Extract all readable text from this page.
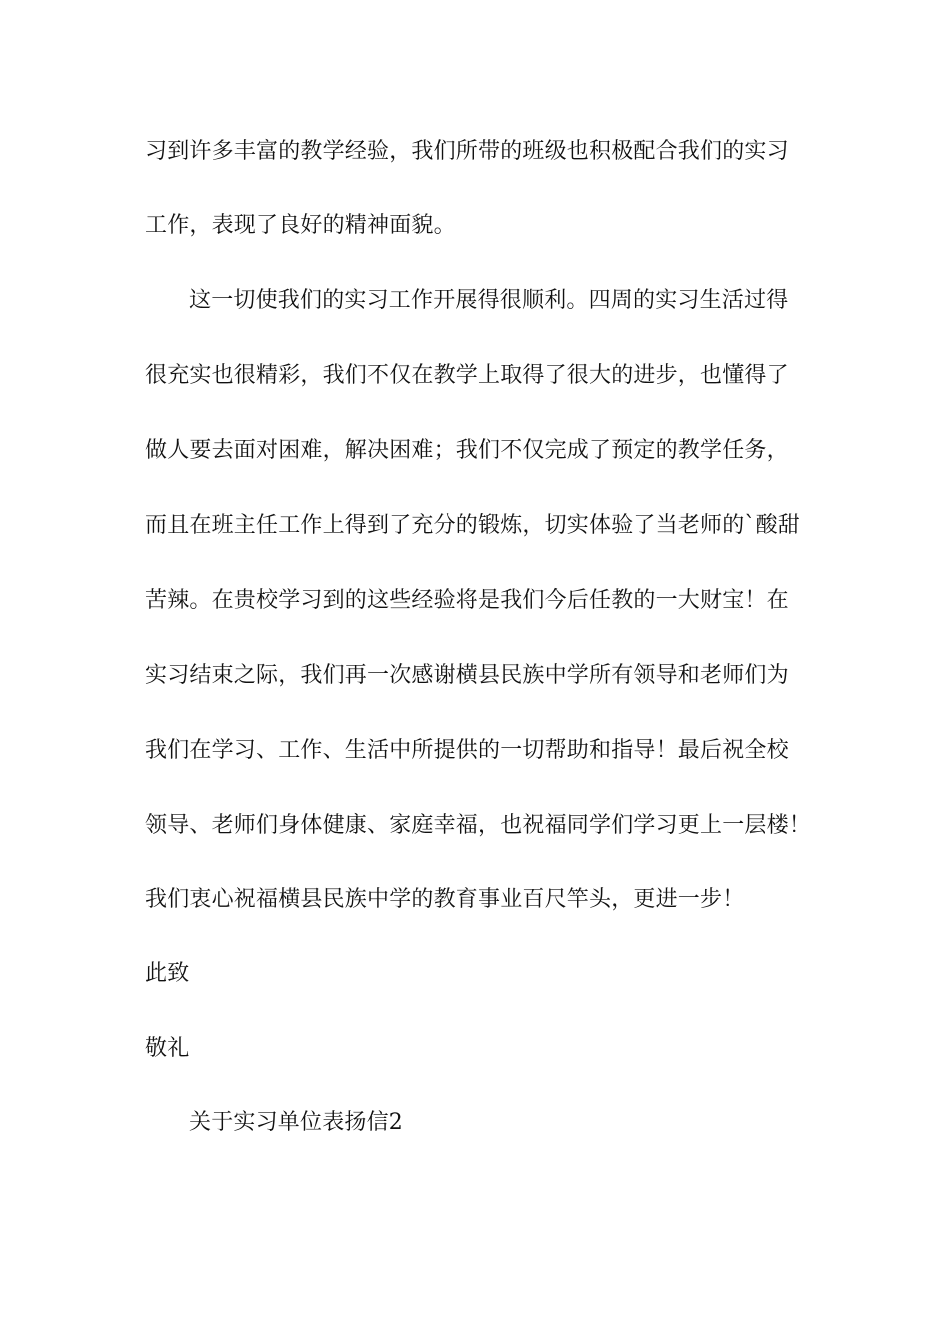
习到许多丰富的教学经验，我们所带的班级也积极配合我们的实习
工作，表现了良好的精神面貌。
这一切使我们的实习工作开展得很顺利。四周的实习生活过得
很充实也很精彩，我们不仅在教学上取得了很大的进步，也懂得了
做人要去面对困难，解决困难；我们不仅完成了预定的教学任务，
而且在班主任工作上得到了充分的锻炼，切实体验了当老师的`酸甜
苦辣。在贵校学习到的这些经验将是我们今后任教的一大财宝！在
实习结束之际，我们再一次感谢横县民族中学所有领导和老师们为
我们在学习、工作、生活中所提供的一切帮助和指导！最后祝全校
领导、老师们身体健康、家庭幸福，也祝福同学们学习更上一层楼！
我们衷心祝福横县民族中学的教育事业百尺竿头，更进一步！
此致
敬礼
关于实习单位表扬信2
